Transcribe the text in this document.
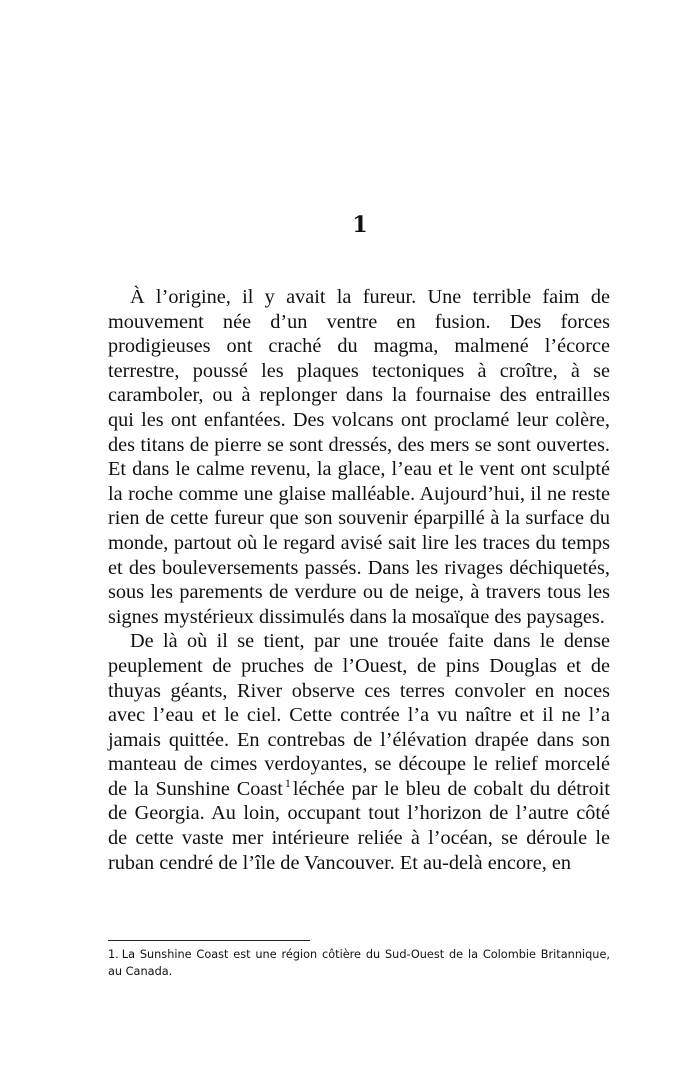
1

À l’origine, il y avait la fureur. Une terrible faim de mouvement née d’un ventre en fusion. Des forces prodigieuses ont craché du magma, malmené l’écorce terrestre, poussé les plaques tectoniques à croître, à se caramboler, ou à replonger dans la fournaise des entrailles qui les ont enfantées. Des volcans ont proclamé leur colère, des titans de pierre se sont dressés, des mers se sont ouvertes. Et dans le calme revenu, la glace, l’eau et le vent ont sculpté la roche comme une glaise malléable. Aujourd’hui, il ne reste rien de cette fureur que son souvenir éparpillé à la surface du monde, partout où le regard avisé sait lire les traces du temps et des bouleversements passés. Dans les rivages déchiquetés, sous les parements de verdure ou de neige, à travers tous les signes mystérieux dissimulés dans la mosaïque des paysages.

De là où il se tient, par une trouée faite dans le dense peuplement de pruches de l’Ouest, de pins Douglas et de thuyas géants, River observe ces terres convoler en noces avec l’eau et le ciel. Cette contrée l’a vu naître et il ne l’a jamais quittée. En contrebas de l’élévation drapée dans son manteau de cimes verdoyantes, se découpe le relief morcelé de la Sunshine Coast $^1$léchée par le bleu de cobalt du détroit de Georgia. Au loin, occupant tout l’horizon de l’autre côté de cette vaste mer intérieure reliée à l’océan, se déroule le ruban cendré de l’île de Vancouver. Et au-delà encore, en

1. La Sunshine Coast est une région côtière du Sud-Ouest de la Colombie Britannique, au Canada.
